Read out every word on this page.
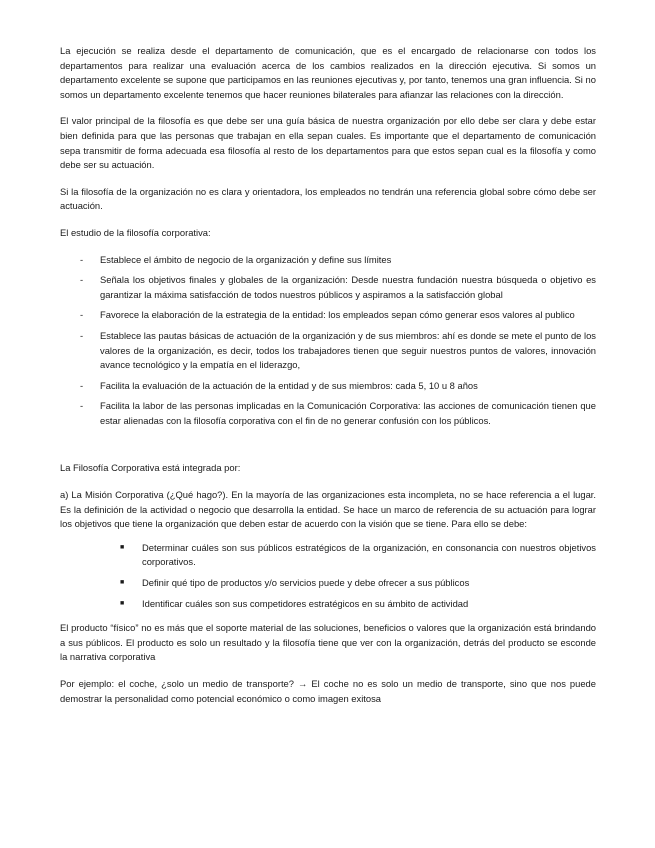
La ejecución se realiza desde el departamento de comunicación, que es el encargado de relacionarse con todos los departamentos para realizar una evaluación acerca de los cambios realizados en la dirección ejecutiva. Si somos un departamento excelente se supone que participamos en las reuniones ejecutivas y, por tanto, tenemos una gran influencia. Si no somos un departamento excelente tenemos que hacer reuniones bilaterales para afianzar las relaciones con la dirección.

El valor principal de la filosofía es que debe ser una guía básica de nuestra organización por ello debe ser clara y debe estar bien definida para que las personas que trabajan en ella sepan cuales. Es importante que el departamento de comunicación sepa transmitir de forma adecuada esa filosofía al resto de los departamentos para que estos sepan cual es la filosofía y como debe ser su actuación.

Si la filosofía de la organización no es clara y orientadora, los empleados no tendrán una referencia global sobre cómo debe ser actuación.

El estudio de la filosofía corporativa:

- Establece el ámbito de negocio de la organización y define sus límites
- Señala los objetivos finales y globales de la organización: Desde nuestra fundación nuestra búsqueda o objetivo es garantizar la máxima satisfacción de todos nuestros públicos y aspiramos a la satisfacción global
- Favorece la elaboración de la estrategia de la entidad: los empleados sepan cómo generar esos valores al publico
- Establece las pautas básicas de actuación de la organización y de sus miembros: ahí es donde se mete el punto de los valores de la organización, es decir, todos los trabajadores tienen que seguir nuestros puntos de valores, innovación avance tecnológico y la empatía en el liderazgo,
- Facilita la evaluación de la actuación de la entidad y de sus miembros: cada 5, 10 u 8 años
- Facilita la labor de las personas implicadas en la Comunicación Corporativa: las acciones de comunicación tienen que estar alienadas con la filosofía corporativa con el fin de no generar confusión con los públicos.

La Filosofía Corporativa está integrada por:

a) La Misión Corporativa (¿Qué hago?). En la mayoría de las organizaciones esta incompleta, no se hace referencia a el lugar. Es la definición de la actividad o negocio que desarrolla la entidad. Se hace un marco de referencia de su actuación para lograr los objetivos que tiene la organización que deben estar de acuerdo con la visión que se tiene. Para ello se debe:

■ Determinar cuáles son sus públicos estratégicos de la organización, en consonancia con nuestros objetivos corporativos.
■ Definir qué tipo de productos y/o servicios puede y debe ofrecer a sus públicos
■ Identificar cuáles son sus competidores estratégicos en su ámbito de actividad

El producto “físico” no es más que el soporte material de las soluciones, beneficios o valores que la organización está brindando a sus públicos. El producto es solo un resultado y la filosofía tiene que ver con la organización, detrás del producto se esconde la narrativa corporativa

Por ejemplo: el coche, ¿solo un medio de transporte? → El coche no es solo un medio de transporte, sino que nos puede demostrar la personalidad como potencial económico o como imagen exitosa
